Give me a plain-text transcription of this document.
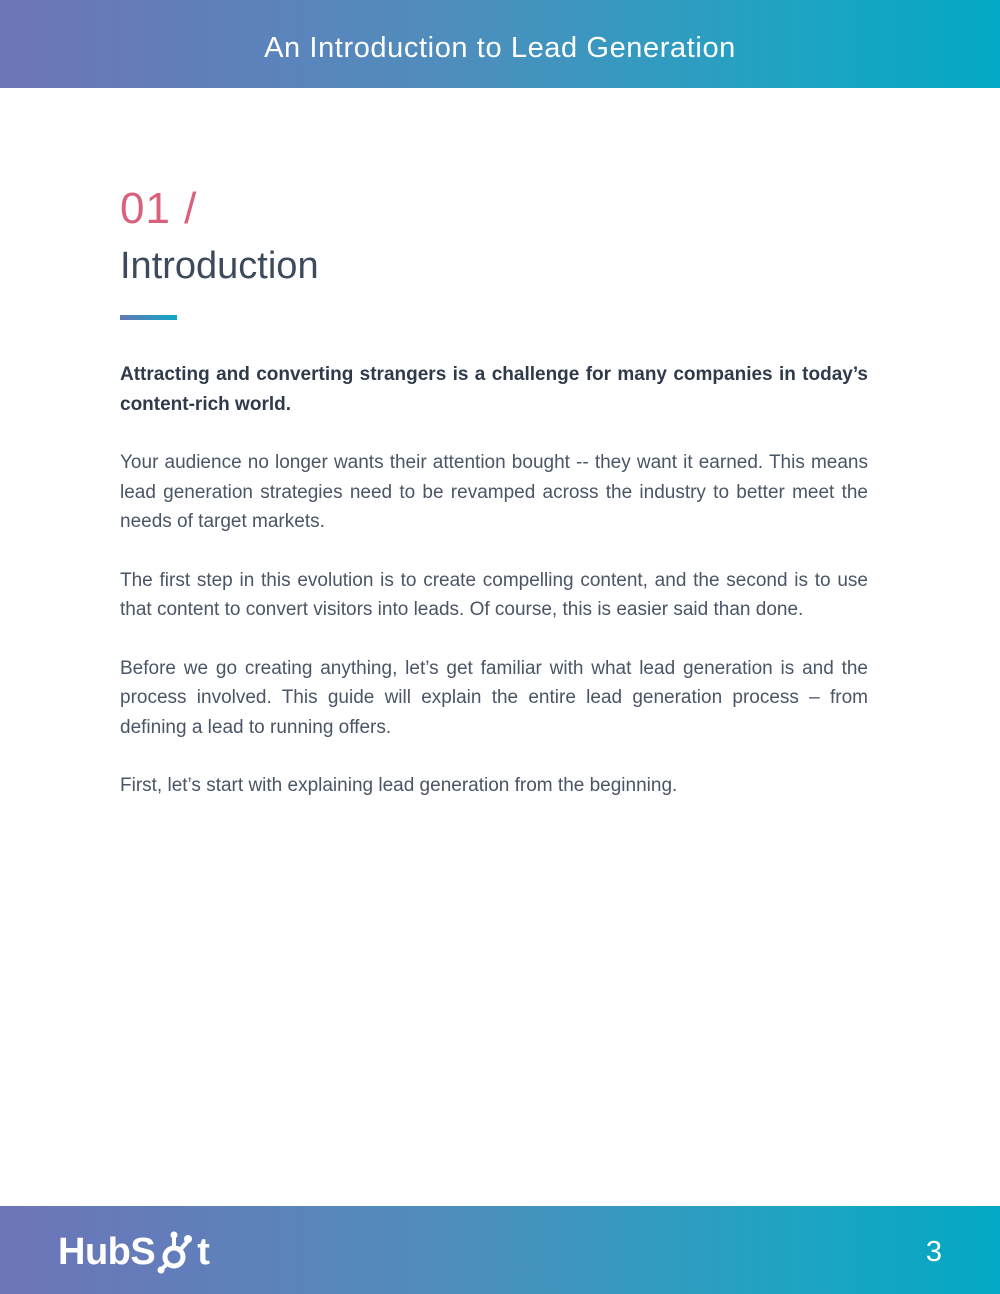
An Introduction to Lead Generation
01 /
Introduction

Attracting and converting strangers is a challenge for many companies in today’s content-rich world.

Your audience no longer wants their attention bought -- they want it earned. This means lead generation strategies need to be revamped across the industry to better meet the needs of target markets.

The first step in this evolution is to create compelling content, and the second is to use that content to convert visitors into leads. Of course, this is easier said than done.

Before we go creating anything, let’s get familiar with what lead generation is and the process involved. This guide will explain the entire lead generation process – from defining a lead to running offers.

First, let’s start with explaining lead generation from the beginning.

HubS t	3
